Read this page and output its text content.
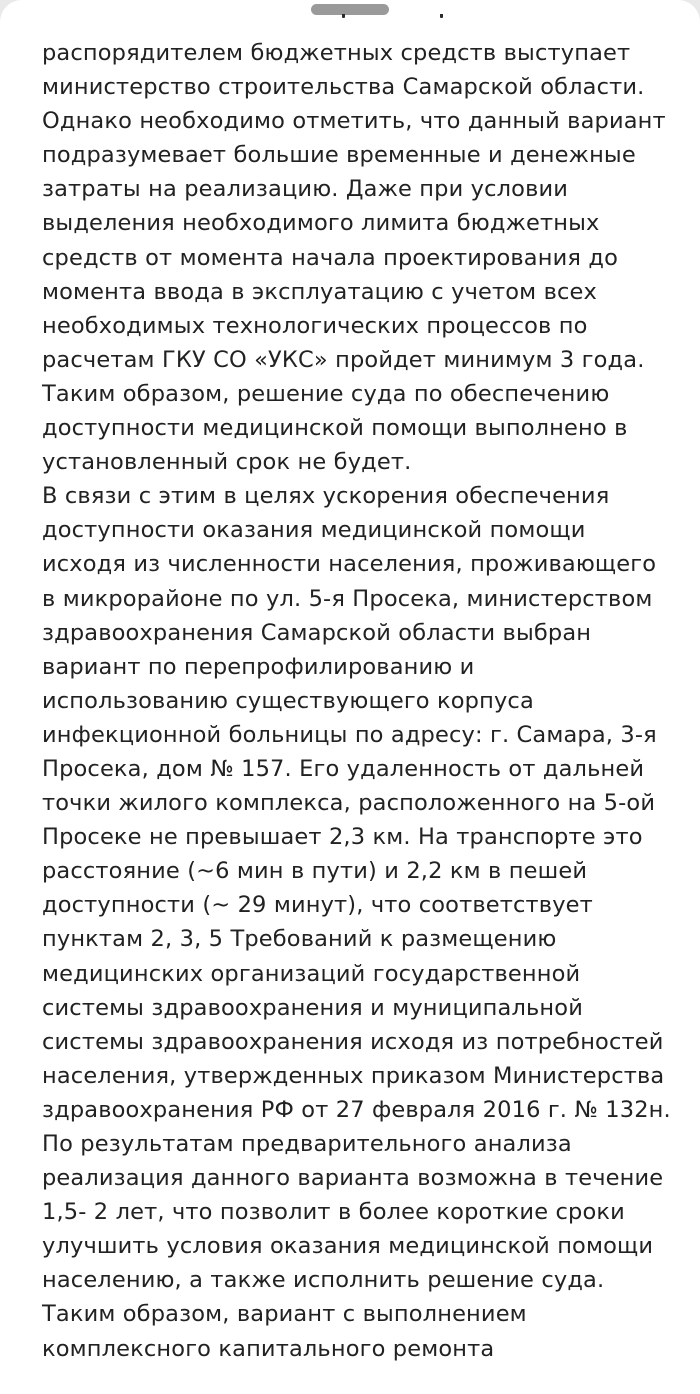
распорядителем бюджетных средств выступает
министерство строительства Самарской области.
Однако необходимо отметить, что данный вариант
подразумевает большие временные и денежные
затраты на реализацию. Даже при условии
выделения необходимого лимита бюджетных
средств от момента начала проектирования до
момента ввода в эксплуатацию с учетом всех
необходимых технологических процессов по
расчетам ГКУ СО «УКС» пройдет минимум 3 года.
Таким образом, решение суда по обеспечению
доступности медицинской помощи выполнено в
установленный срок не будет.
В связи с этим в целях ускорения обеспечения
доступности оказания медицинской помощи
исходя из численности населения, проживающего
в микрорайоне по ул. 5-я Просека, министерством
здравоохранения Самарской области выбран
вариант по перепрофилированию и
использованию существующего корпуса
инфекционной больницы по адресу: г. Самара, 3-я
Просека, дом № 157. Его удаленность от дальней
точки жилого комплекса, расположенного на 5-ой
Просеке не превышает 2,3 км. На транспорте это
расстояние (~6 мин в пути) и 2,2 км в пешей
доступности (~ 29 минут), что соответствует
пунктам 2, 3, 5 Требований к размещению
медицинских организаций государственной
системы здравоохранения и муниципальной
системы здравоохранения исходя из потребностей
населения, утвержденных приказом Министерства
здравоохранения РФ от 27 февраля 2016 г. № 132н.
По результатам предварительного анализа
реализация данного варианта возможна в течение
1,5- 2 лет, что позволит в более короткие сроки
улучшить условия оказания медицинской помощи
населению, а также исполнить решение суда.
Таким образом, вариант с выполнением
комплексного капитального ремонта
